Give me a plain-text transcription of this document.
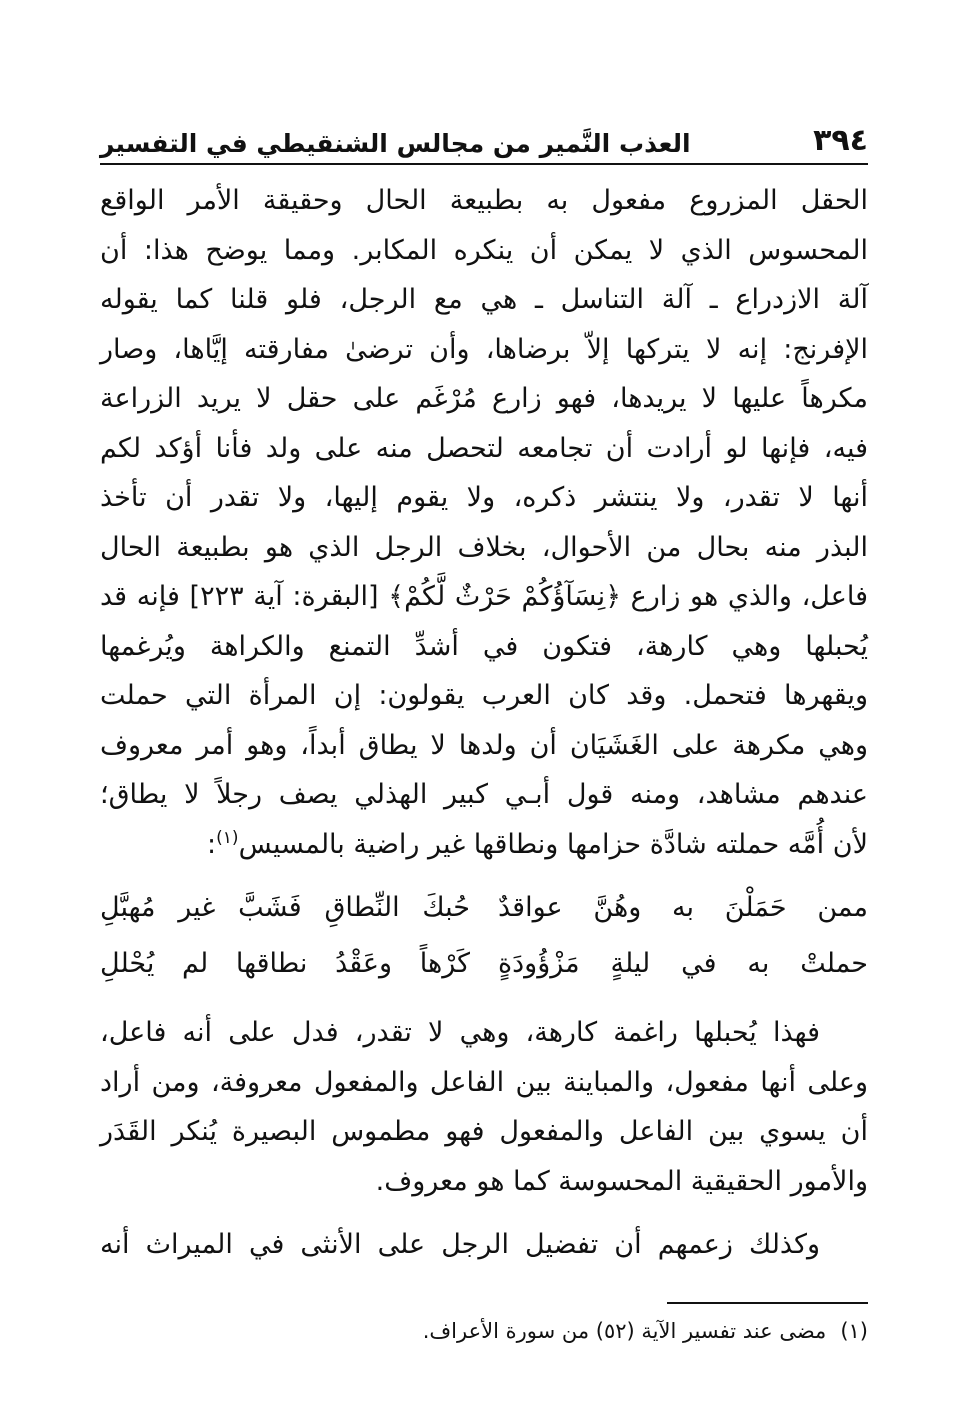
٣٩٤
العذب النَّمير من مجالس الشنقيطي في التفسير
الحقل المزروع مفعول به بطبيعة الحال وحقيقة الأمر الواقع
المحسوس الذي لا يمكن أن ينكره المكابر. ومما يوضح هذا: أن
آلة الازدراع ـ آلة التناسل ـ هي مع الرجل، فلو قلنا كما يقوله
الإفرنج: إنه لا يتركها إلاّ برضاها، وأن ترضىٰ مفارقته إيَّاها، وصار
مكرهاً عليها لا يريدها، فهو زارع مُرْغَم على حقل لا يريد الزراعة
فيه، فإنها لو أرادت أن تجامعه لتحصل منه على ولد فأنا أؤكد لكم
أنها لا تقدر، ولا ينتشر ذكره، ولا يقوم إليها، ولا تقدر أن تأخذ
البذر منه بحال من الأحوال، بخلاف الرجل الذي هو بطبيعة الحال
فاعل، والذي هو زارع ﴿نِسَآؤُكُمْ حَرْثٌ لَّكُمْ﴾ [البقرة: آية ٢٢٣] فإنه قد
يُحبلها وهي كارهة، فتكون في أشدِّ التمنع والكراهة ويُرغمها
ويقهرها فتحمل. وقد كان العرب يقولون: إن المرأة التي حملت
وهي مكرهة على الغَشَيَان أن ولدها لا يطاق أبداً، وهو أمر معروف
عندهم مشاهد، ومنه قول أبـي كبير الهذلي يصف رجلاً لا يطاق؛
لأن أُمَّه حملته شادَّة حزامها ونطاقها غير راضية بالمسيس$^{(١)}$:
ممن حَمَلْنَ به وهُنَّ عواقدٌ
حُبكَ النِّطاقِ فَشَبَّ غير مُهبَّلِ
حملتْ به في ليلةٍ مَزْؤُودَةٍ
كَرْهاً وعَقْدُ نطاقها لم يُحْللِ
فهذا يُحبلها راغمة كارهة، وهي لا تقدر، فدل على أنه فاعل،
وعلى أنها مفعول، والمباينة بين الفاعل والمفعول معروفة، ومن أراد
أن يسوي بين الفاعل والمفعول فهو مطموس البصيرة يُنكر القَدَر
والأمور الحقيقية المحسوسة كما هو معروف.
وكذلك زعمهم أن تفضيل الرجل على الأنثى في الميراث أنه
(١)مضى عند تفسير الآية (٥٢) من سورة الأعراف.
